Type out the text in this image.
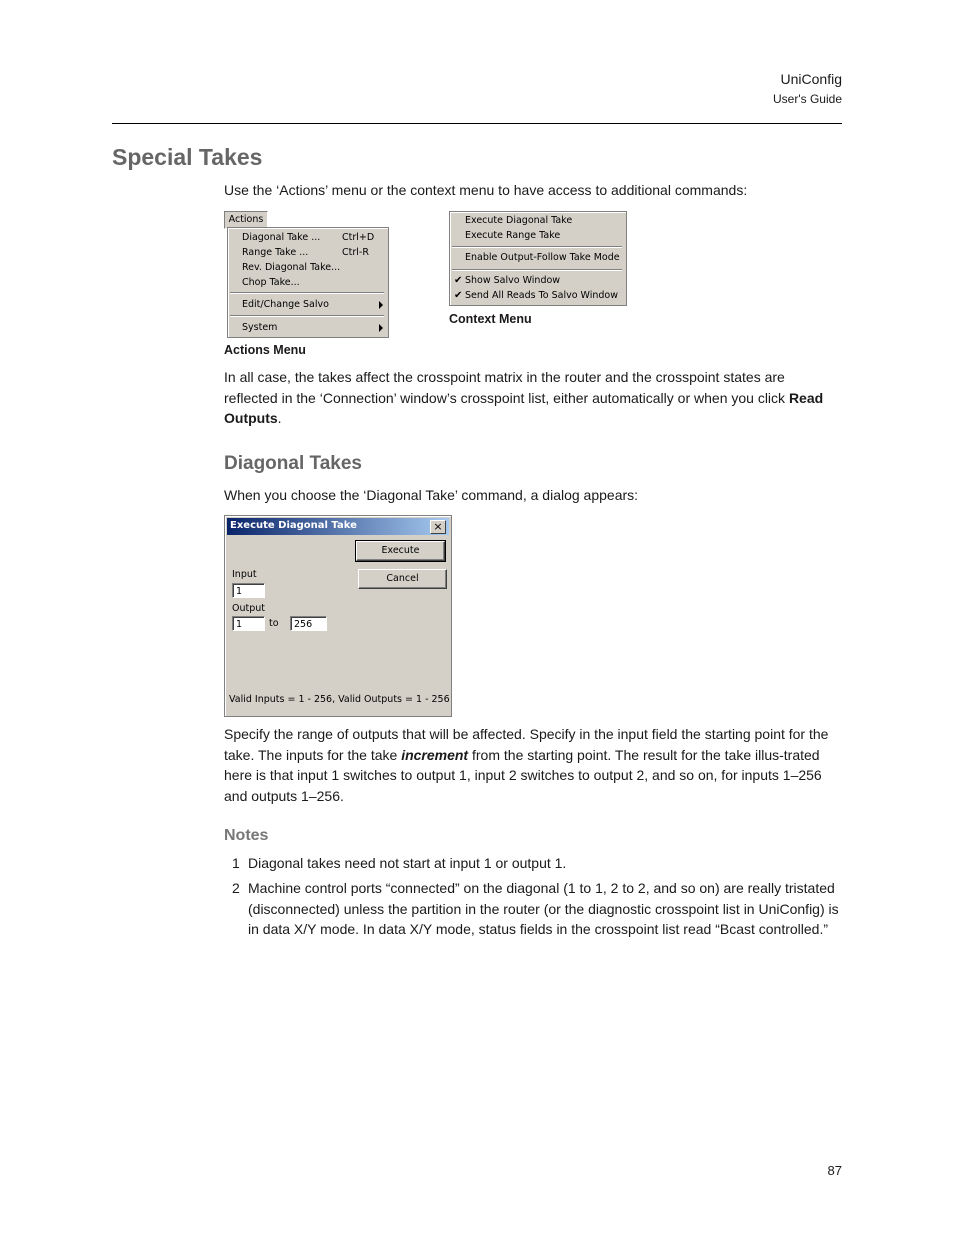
UniConfig
User's Guide
Special Takes
Use the ‘Actions’ menu or the context menu to have access to additional commands:
Actions
Diagonal Take ... Ctrl+D
Range Take ...	Ctrl-R
Rev. Diagonal Take...
Chop Take...
Edit/Change Salvo
System
Actions Menu
Execute Diagonal Take
Execute Range Take
Enable Output-Follow Take Mode
✔ Show Salvo Window
✔ Send All Reads To Salvo Window
Context Menu
In all case, the takes affect the crosspoint matrix in the router and the crosspoint states are reflected in the ‘Connection’ window’s crosspoint list, either automatically or when you click Read Outputs.
Diagonal Takes
When you choose the ‘Diagonal Take’ command, a dialog appears:
Execute Diagonal Take	×
Execute
Cancel
Input
1
Output
1	to	256
Valid Inputs = 1 - 256, Valid Outputs = 1 - 256
Specify the range of outputs that will be affected. Specify in the input field the starting point for the take. The inputs for the take increment from the starting point. The result for the take illus-trated here is that input 1 switches to output 1, input 2 switches to output 2, and so on, for inputs 1–256 and outputs 1–256.
Notes
1 Diagonal takes need not start at input 1 or output 1.
2 Machine control ports “connected” on the diagonal (1 to 1, 2 to 2, and so on) are really tristated (disconnected) unless the partition in the router (or the diagnostic crosspoint list in UniConfig) is in data X/Y mode. In data X/Y mode, status fields in the crosspoint list read “Bcast controlled.”
87
